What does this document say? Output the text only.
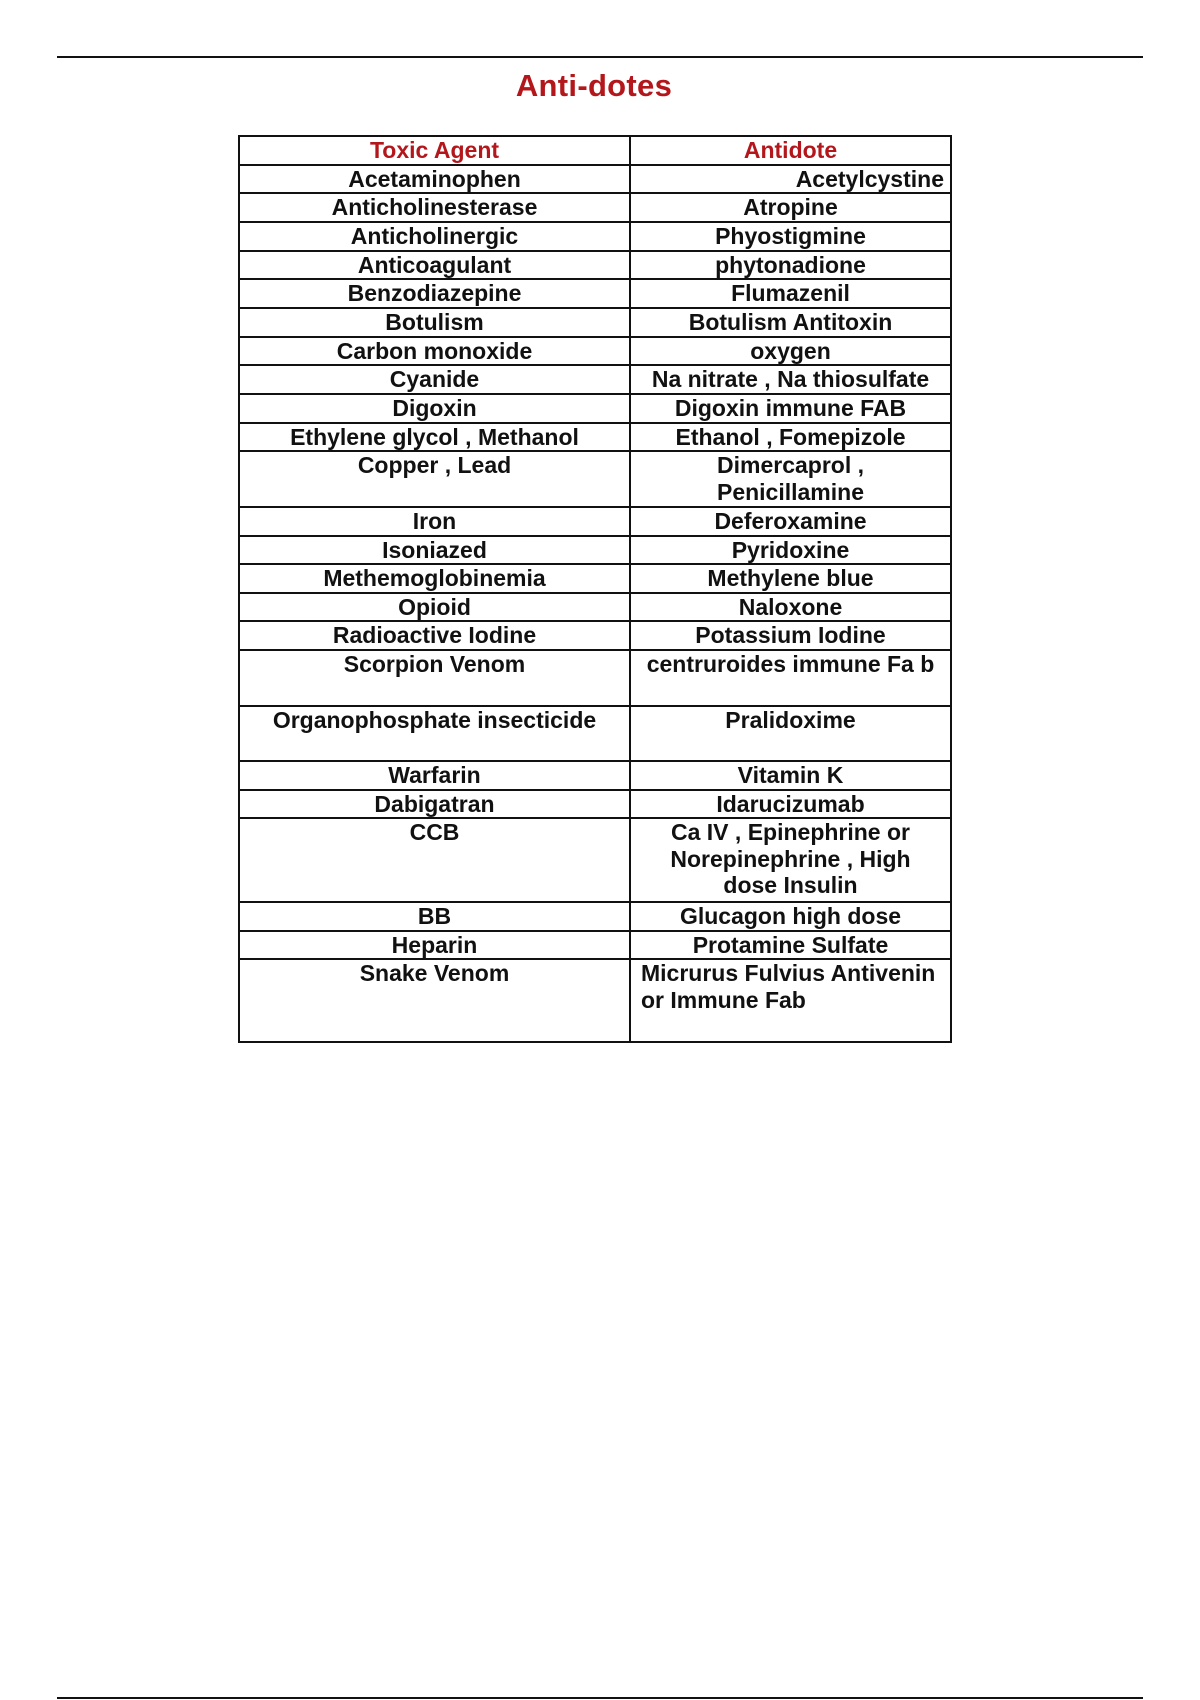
Anti-dotes
Toxic Agent	Antidote
Acetaminophen	Acetylcystine
Anticholinesterase	Atropine
Anticholinergic	Phyostigmine
Anticoagulant	phytonadione
Benzodiazepine	Flumazenil
Botulism	Botulism Antitoxin
Carbon monoxide	oxygen
Cyanide	Na nitrate , Na thiosulfate
Digoxin	Digoxin immune FAB
Ethylene glycol , Methanol	Ethanol , Fomepizole
Copper , Lead	Dimercaprol , Penicillamine
Iron	Deferoxamine
Isoniazed	Pyridoxine
Methemoglobinemia	Methylene blue
Opioid	Naloxone
Radioactive Iodine	Potassium Iodine
Scorpion Venom	centruroides immune Fa b
Organophosphate insecticide	Pralidoxime
Warfarin	Vitamin K
Dabigatran	Idarucizumab
CCB	Ca IV , Epinephrine or Norepinephrine , High dose Insulin
BB	Glucagon high dose
Heparin	Protamine Sulfate
Snake Venom	Micrurus Fulvius Antivenin or Immune Fab
